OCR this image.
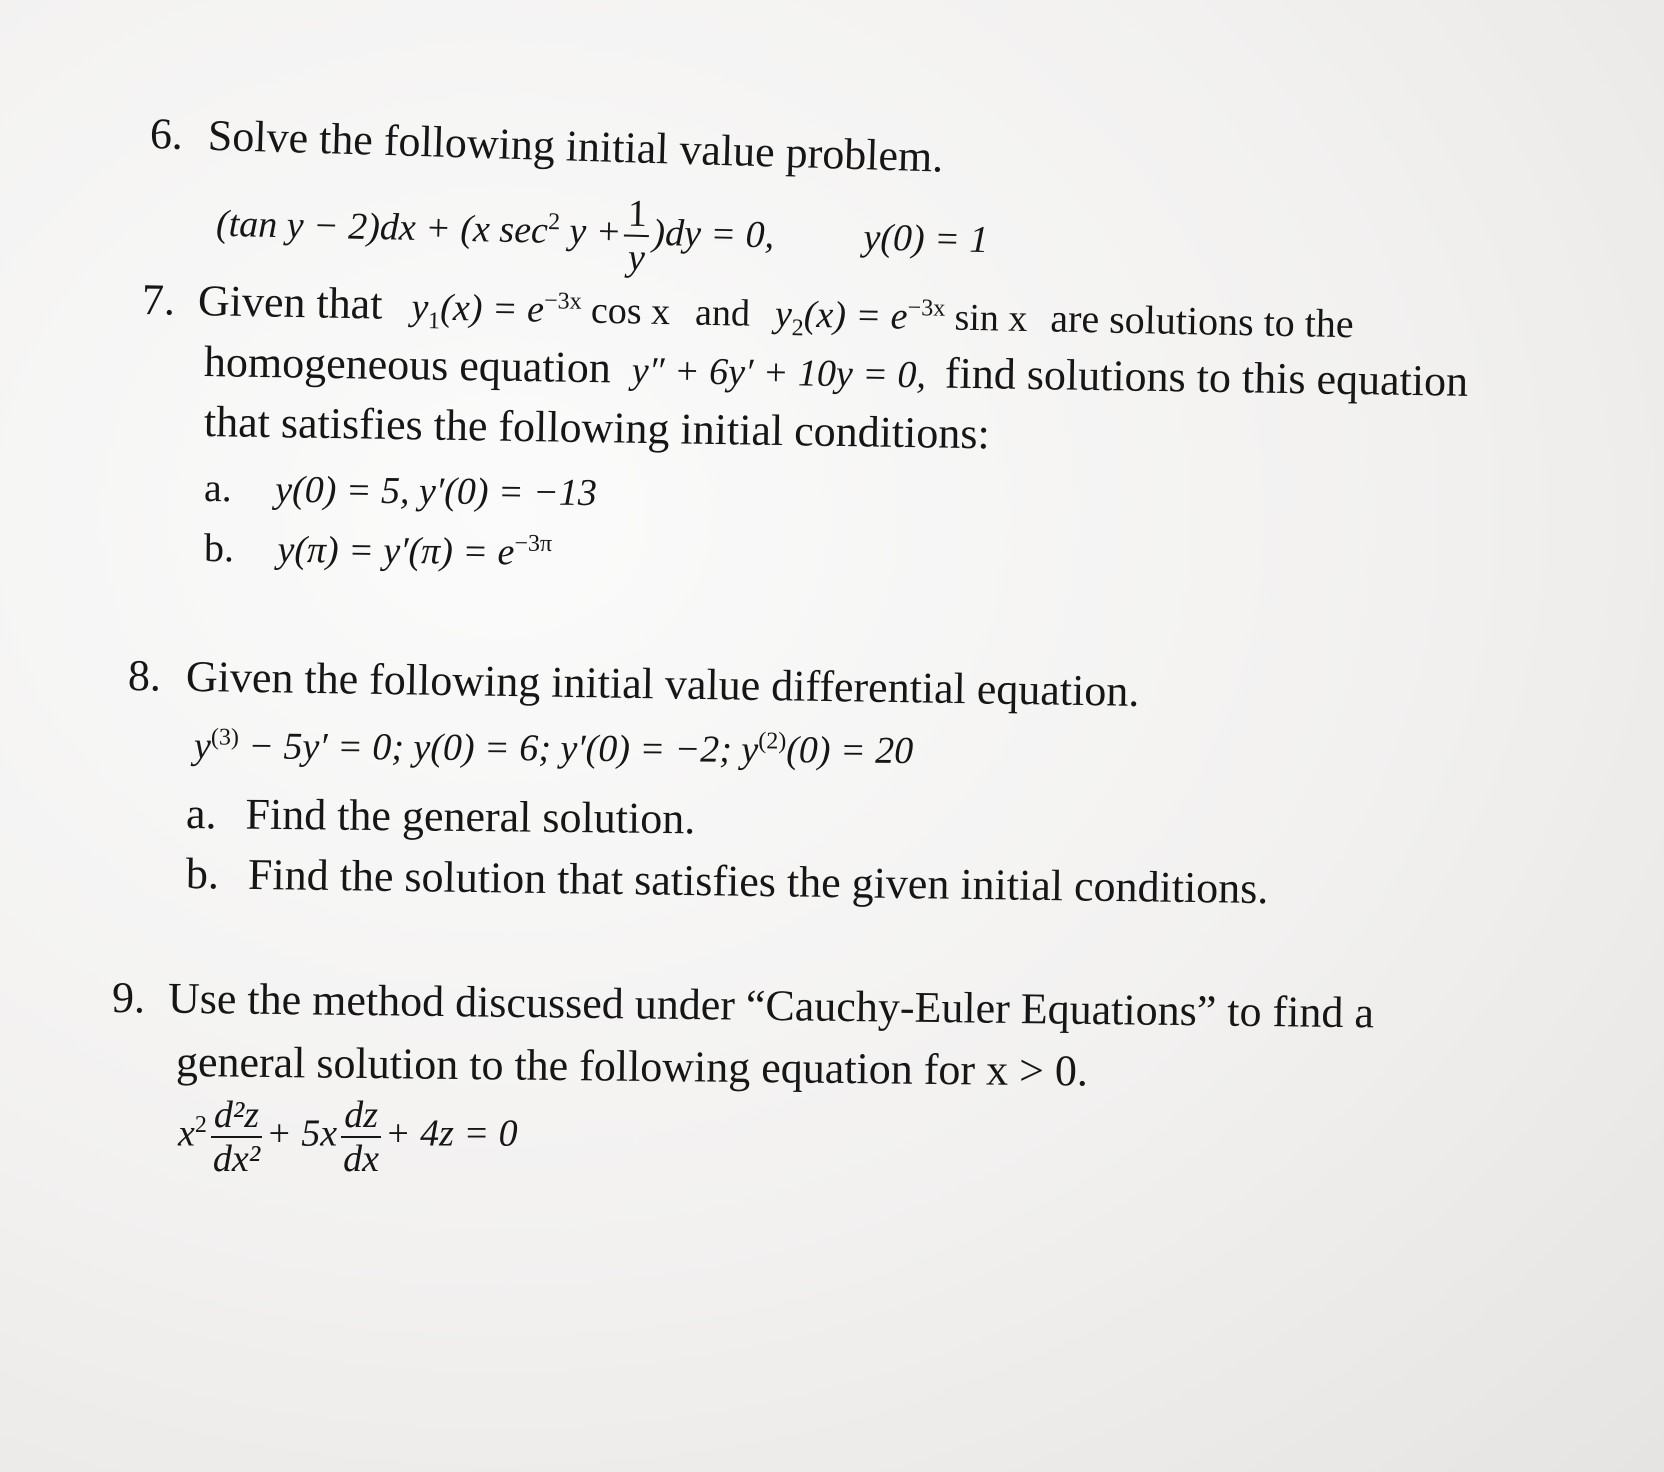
6. Solve the following initial value problem.
(tan y − 2)dx + (x $\sec^2 y + \frac{1}{y} )dy = 0$, y(0) = 1
7. Given that $y_1(x) = e^{-3x}$ cos x and $y_2(x) = e^{-3x}$ sin x are solutions to the
homogeneous equation y″ + 6y′ + 10y = 0, find solutions to this equation
that satisfies the following initial conditions:
a. y(0) = 5, y′(0) = −13
b. $y(\pi) = y'(\pi) = e^{-3\pi}$
8. Given the following initial value differential equation.
$y^{(3)} - 5y' = 0$; y(0) = 6; y′(0) = −2; $y^{(2)}(0) = 20$
a. Find the general solution.
b. Find the solution that satisfies the given initial conditions.
9. Use the method discussed under “Cauchy-Euler Equations” to find a
general solution to the following equation for x > 0.
$x^2 \frac{\text{d²z}}{\text{dx²}} + 5x \frac{dz}{dx} + 4z = 0$
